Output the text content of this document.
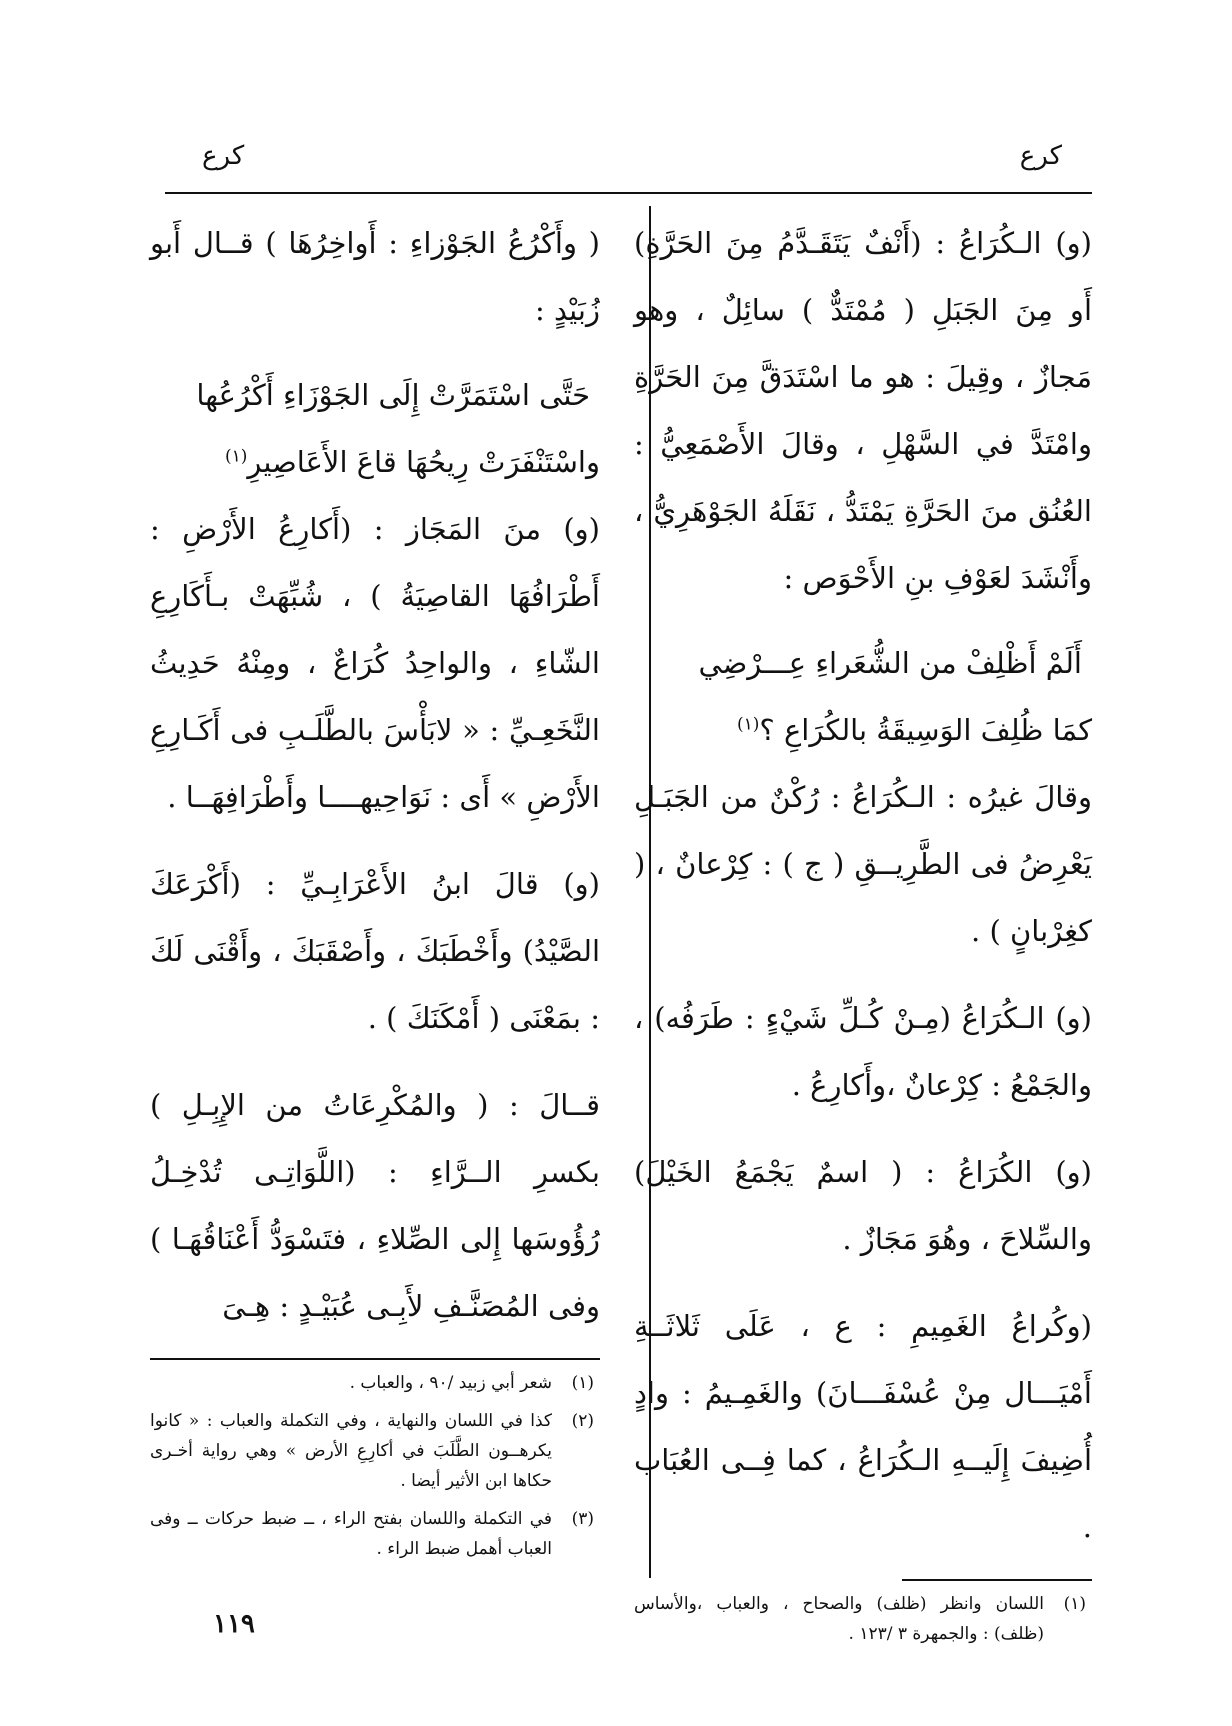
كرع
كرع

(و) الـكُرَاعُ : (أَنْفٌ يَتَقَـدَّمُ مِنَ الحَرَّةِ) أَو مِنَ الجَبَلِ ( مُمْتَدٌّ ) سائِلٌ ، وهو مَجازٌ ، وقِيلَ : هو ما اسْتَدَقَّ مِنَ الحَرَّةِ وامْتَدَّ في السَّهْلِ ، وقالَ الأَصْمَعِيُّ : العُنُق منَ الحَرَّةِ يَمْتَدُّ ، نَقَلَهُ الجَوْهَرِيُّ ، وأَنْشَدَ لعَوْفِ بنِ الأَحْوَص :

أَلَمْ أَظْلِفْ من الشُّعَراءِ عِـــرْضِي
كمَا ظُلِفَ الوَسِيقَةُ بالكُرَاعِ ؟$^{(١)}$

وقالَ غيرُه : الـكُرَاعُ : رُكْنٌ من الجَبَـلِ يَعْرِضُ فى الطَّرِيــقِ ( ج ) : كِرْعانٌ ، ( كغِرْبانٍ ) .

(و) الـكُرَاعُ (مِـنْ كُـلِّ شَيْءٍ : طَرَفُه) ، والجَمْعُ : كِرْعانٌ ،وأَكارِعُ .

(و) الكُرَاعُ : ( اسمٌ يَجْمَعُ الخَيْلَ) والسِّلاحَ ، وهُوَ مَجَازٌ .

(وكُراعُ الغَمِيمِ : ع ، عَلَى ثَلاثَــةِ أَمْيَـــال مِنْ عُسْفَـــانَ) والغَمِـيمُ : وادٍ أُضِيفَ إِلَيــهِ الـكُرَاعُ ، كما فِــى العُبَاب .

(١)
اللسان وانظر (ظلف) والصحاح ، والعباب ،والأساس (ظلف) : والجمهرة ٣ /١٢٣ .

( وأَكْرُعُ الجَوْزاءِ : أَواخِرُهَا ) قــال أَبو زُبَيْدٍ :

حَتَّى اسْتَمَرَّتْ إِلَى الجَوْزَاءِ أَكْرُعُها
واسْتَنْفَرَتْ رِيحُهَا قاعَ الأَعَاصِيرِ$^{(١)}$

(و) منَ المَجَاز : (أَكارِعُ الأَرْضِ : أَطْرَافُهَا القاصِيَةُ ) ، شُبِّهَتْ بـأَكَارِعِ الشّاءِ ، والواحِدُ كُرَاعٌ ، ومِنْهُ حَدِيثُ النَّخَعِـيِّ : « لابَأْسَ بالطَّلَـبِ فى أَكَـارِعِ الأَرْضِ » أَى : نَوَاحِيهــــا وأَطْرَافِهَــا .

(و) قالَ ابنُ الأَعْرَابِـيِّ : (أَكْرَعَكَ الصَّيْدُ) وأَخْطَبَكَ ، وأَصْقَبَكَ ، وأَقْنَى لَكَ : بمَعْنَى ( أَمْكَنَكَ ) .

قــالَ : ( والمُكْرِعَاتُ من الإِبِـلِ ) بكسرِ الــرَّاءِ : (اللَّوَاتِـى تُدْخِـلُ رُؤُوسَها إِلى الصِّلاءِ ، فتَسْوَدُّ أَعْنَاقُهَـا ) وفى المُصَنَّـفِ لأَبِـى عُبَيْـدٍ : هِـىَ

(١)
شعر أبي زبيد /٩٠ ، والعباب .
(٢)
كذا في اللسان والنهاية ، وفي التكملة والعباب : « كانوا يكرهــون الطَّلَبَ في أكارِعِ الأرض » وهي رواية أخـرى حكاها ابن الأثير أيضا .
(٣)
في التكملة واللسان بفتح الراء ، ــ ضبط حركات ــ وفى العباب أهمل ضبط الراء .
١١٩
